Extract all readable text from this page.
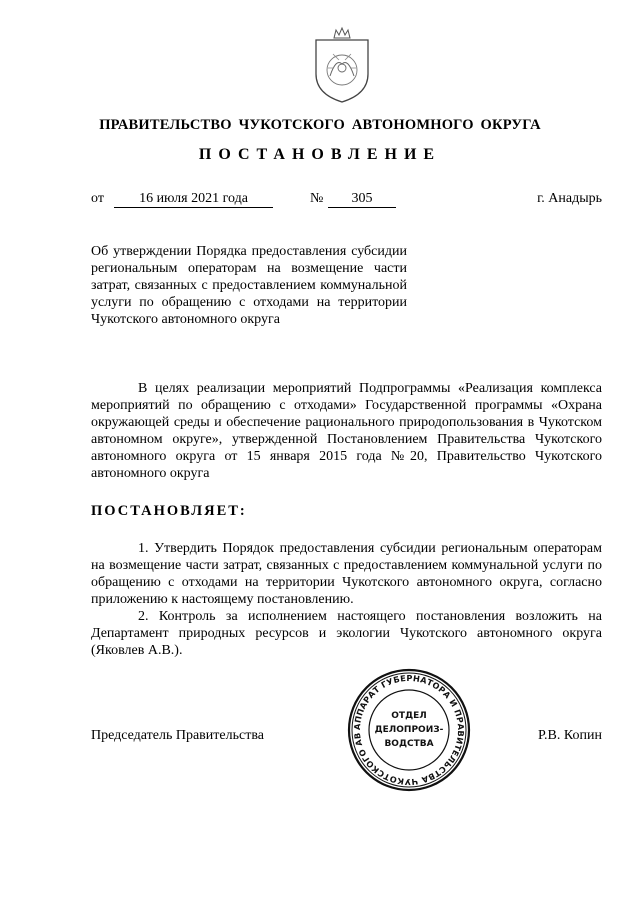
ПРАВИТЕЛЬСТВО ЧУКОТСКОГО АВТОНОМНОГО ОКРУГА
ПОСТАНОВЛЕНИЕ
от	16 июля 2021 года	№	305	г. Анадырь
Об утверждении Порядка предоставления субсидии региональным операторам на возмещение части затрат, связанных с предоставлением коммунальной услуги по обращению с отходами на территории Чукотского автономного округа
В целях реализации мероприятий Подпрограммы «Реализация комплекса мероприятий по обращению с отходами» Государственной программы «Охрана окружающей среды и обеспечение рационального природопользования в Чукотском автономном округе», утвержденной Постановлением Правительства Чукотского автономного округа от 15 января 2015 года №20, Правительство Чукотского автономного округа
ПОСТАНОВЛЯЕТ:
1. Утвердить Порядок предоставления субсидии региональным операторам на возмещение части затрат, связанных с предоставлением коммунальной услуги по обращению с отходами на территории Чукотского автономного округа, согласно приложению к настоящему постановлению.
2. Контроль за исполнением настоящего постановления возложить на Департамент природных ресурсов и экологии Чукотского автономного округа (Яковлев А.В.).
АППАРАТ ГУБЕРНАТОРА И ПРАВИТЕЛЬСТВА ЧУКОТСКОГО АВ
ОТДЕЛ
ДЕЛОПРОИЗ-
ВОДСТВА
Председатель Правительства	Р.В. Копин
